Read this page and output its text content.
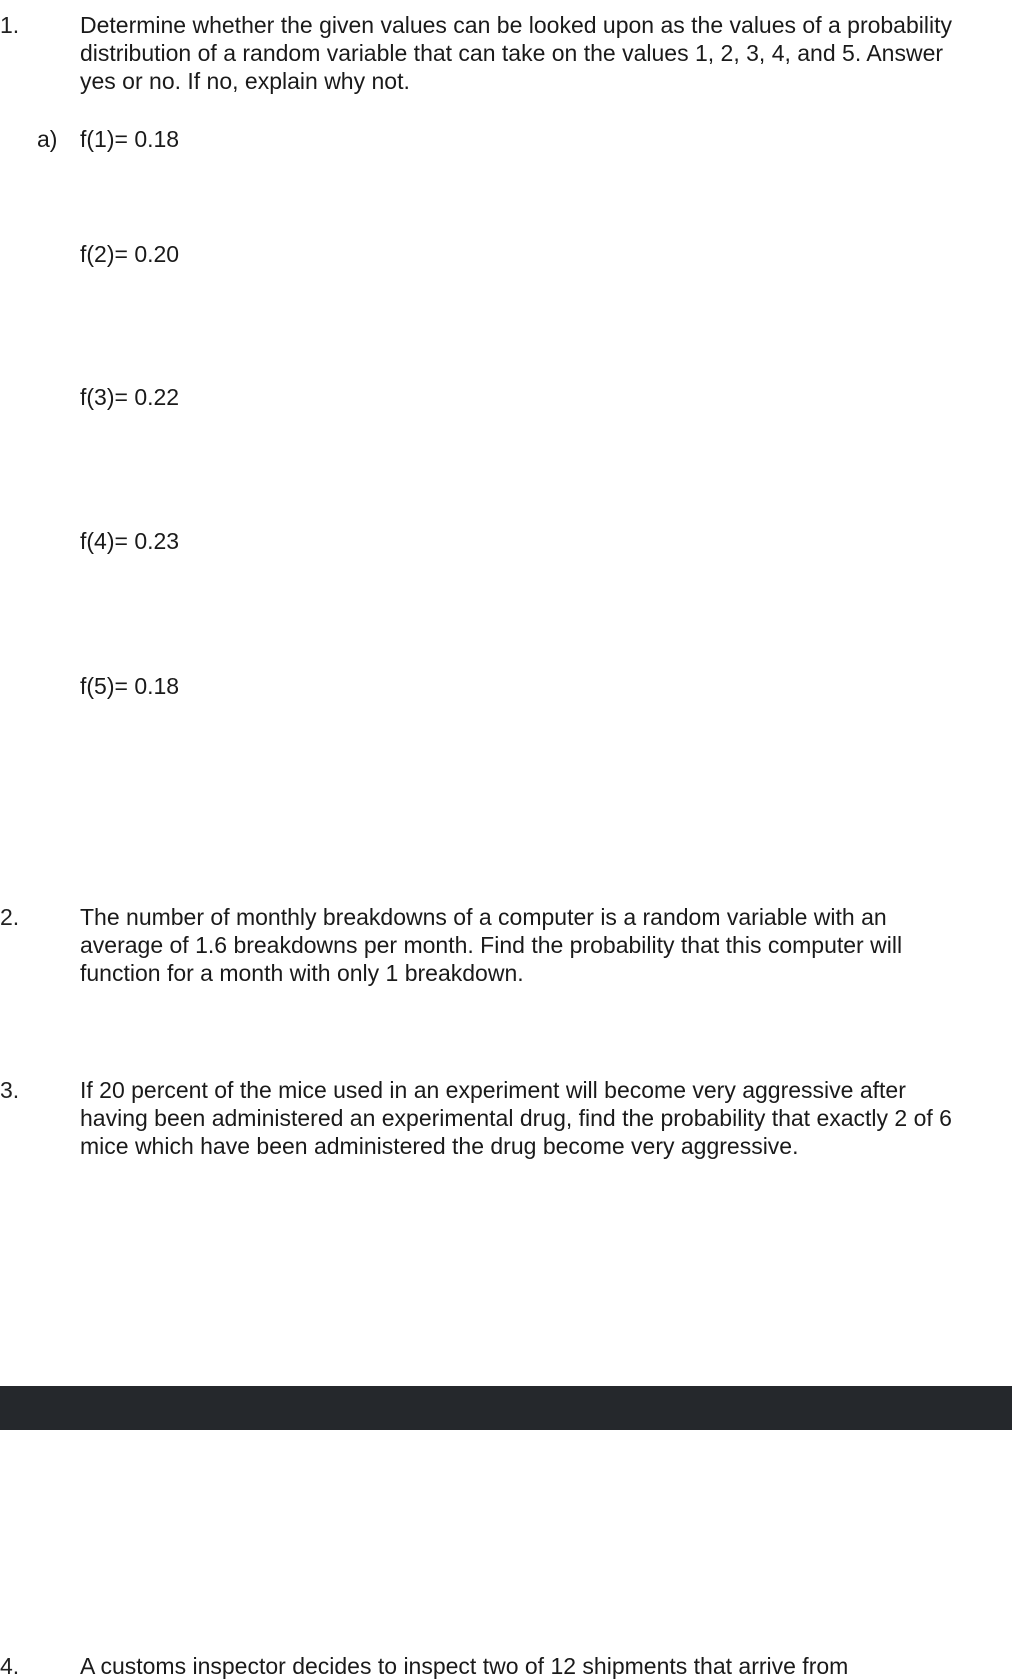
1.	Determine whether the given values can be looked upon as the values of a probability distribution of a random variable that can take on the values 1, 2, 3, 4, and 5. Answer yes or no. If no, explain why not.
a) f(1)= 0.18
f(2)= 0.20
f(3)= 0.22
f(4)= 0.23
f(5)= 0.18
2.	The number of monthly breakdowns of a computer is a random variable with an average of 1.6 breakdowns per month. Find the probability that this computer will function for a month with only 1 breakdown.
3.	If 20 percent of the mice used in an experiment will become very aggressive after having been administered an experimental drug, find the probability that exactly 2 of 6 mice which have been administered the drug become very aggressive.
4.	A customs inspector decides to inspect two of 12 shipments that arrive from
